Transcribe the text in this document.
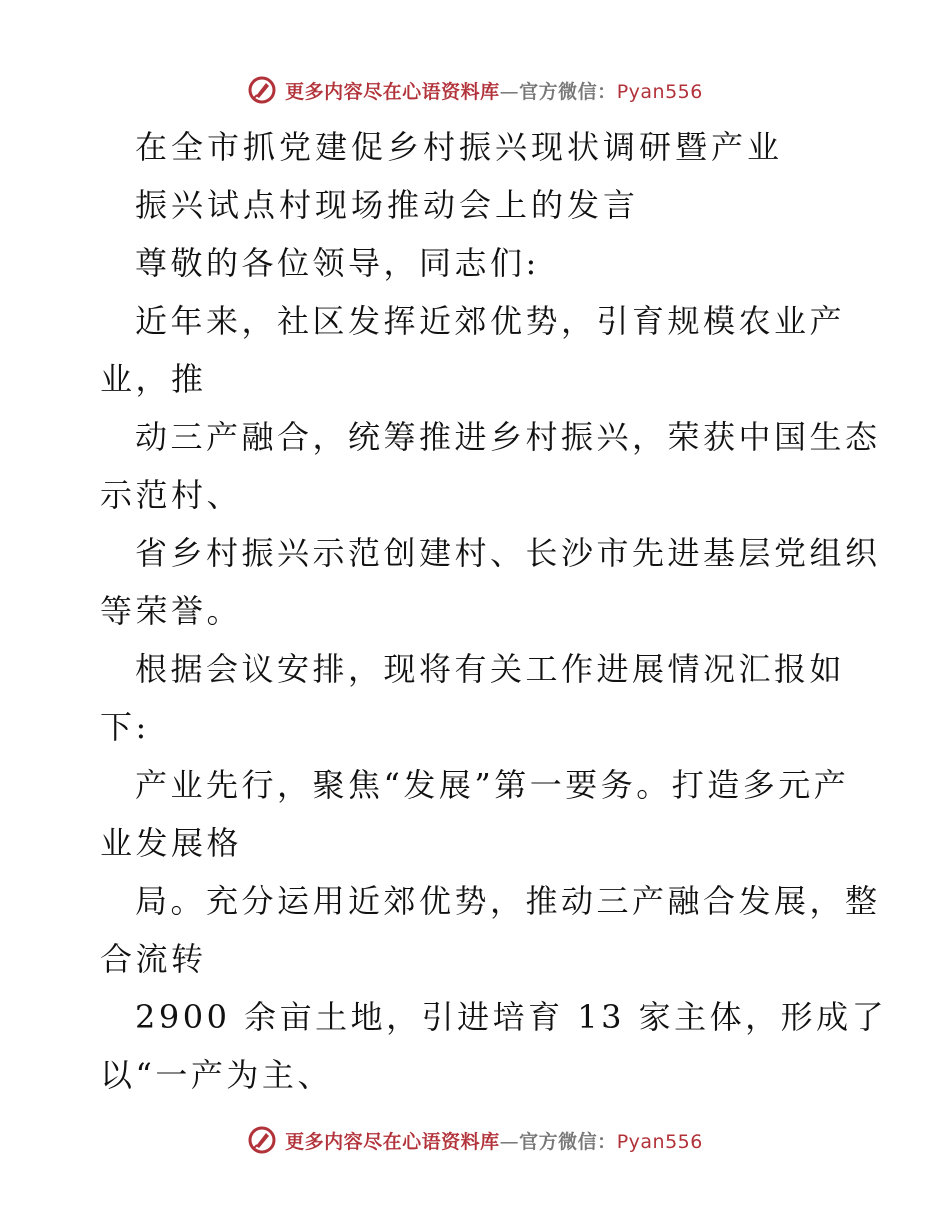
更多内容尽在心语资料库—官方微信：Pyan556
在全市抓党建促乡村振兴现状调研暨产业
振兴试点村现场推动会上的发言
尊敬的各位领导，同志们:
近年来，社区发挥近郊优势，引育规模农业产
业，推
动三产融合，统筹推进乡村振兴，荣获中国生态
示范村、
省乡村振兴示范创建村、长沙市先进基层党组织
等荣誉。
根据会议安排，现将有关工作进展情况汇报如
下:
产业先行，聚焦“发展”第一要务。打造多元产
业发展格
局。充分运用近郊优势，推动三产融合发展，整
合流转
2900 余亩土地，引进培育 13 家主体，形成了
以“一产为主、
更多内容尽在心语资料库—官方微信：Pyan556
